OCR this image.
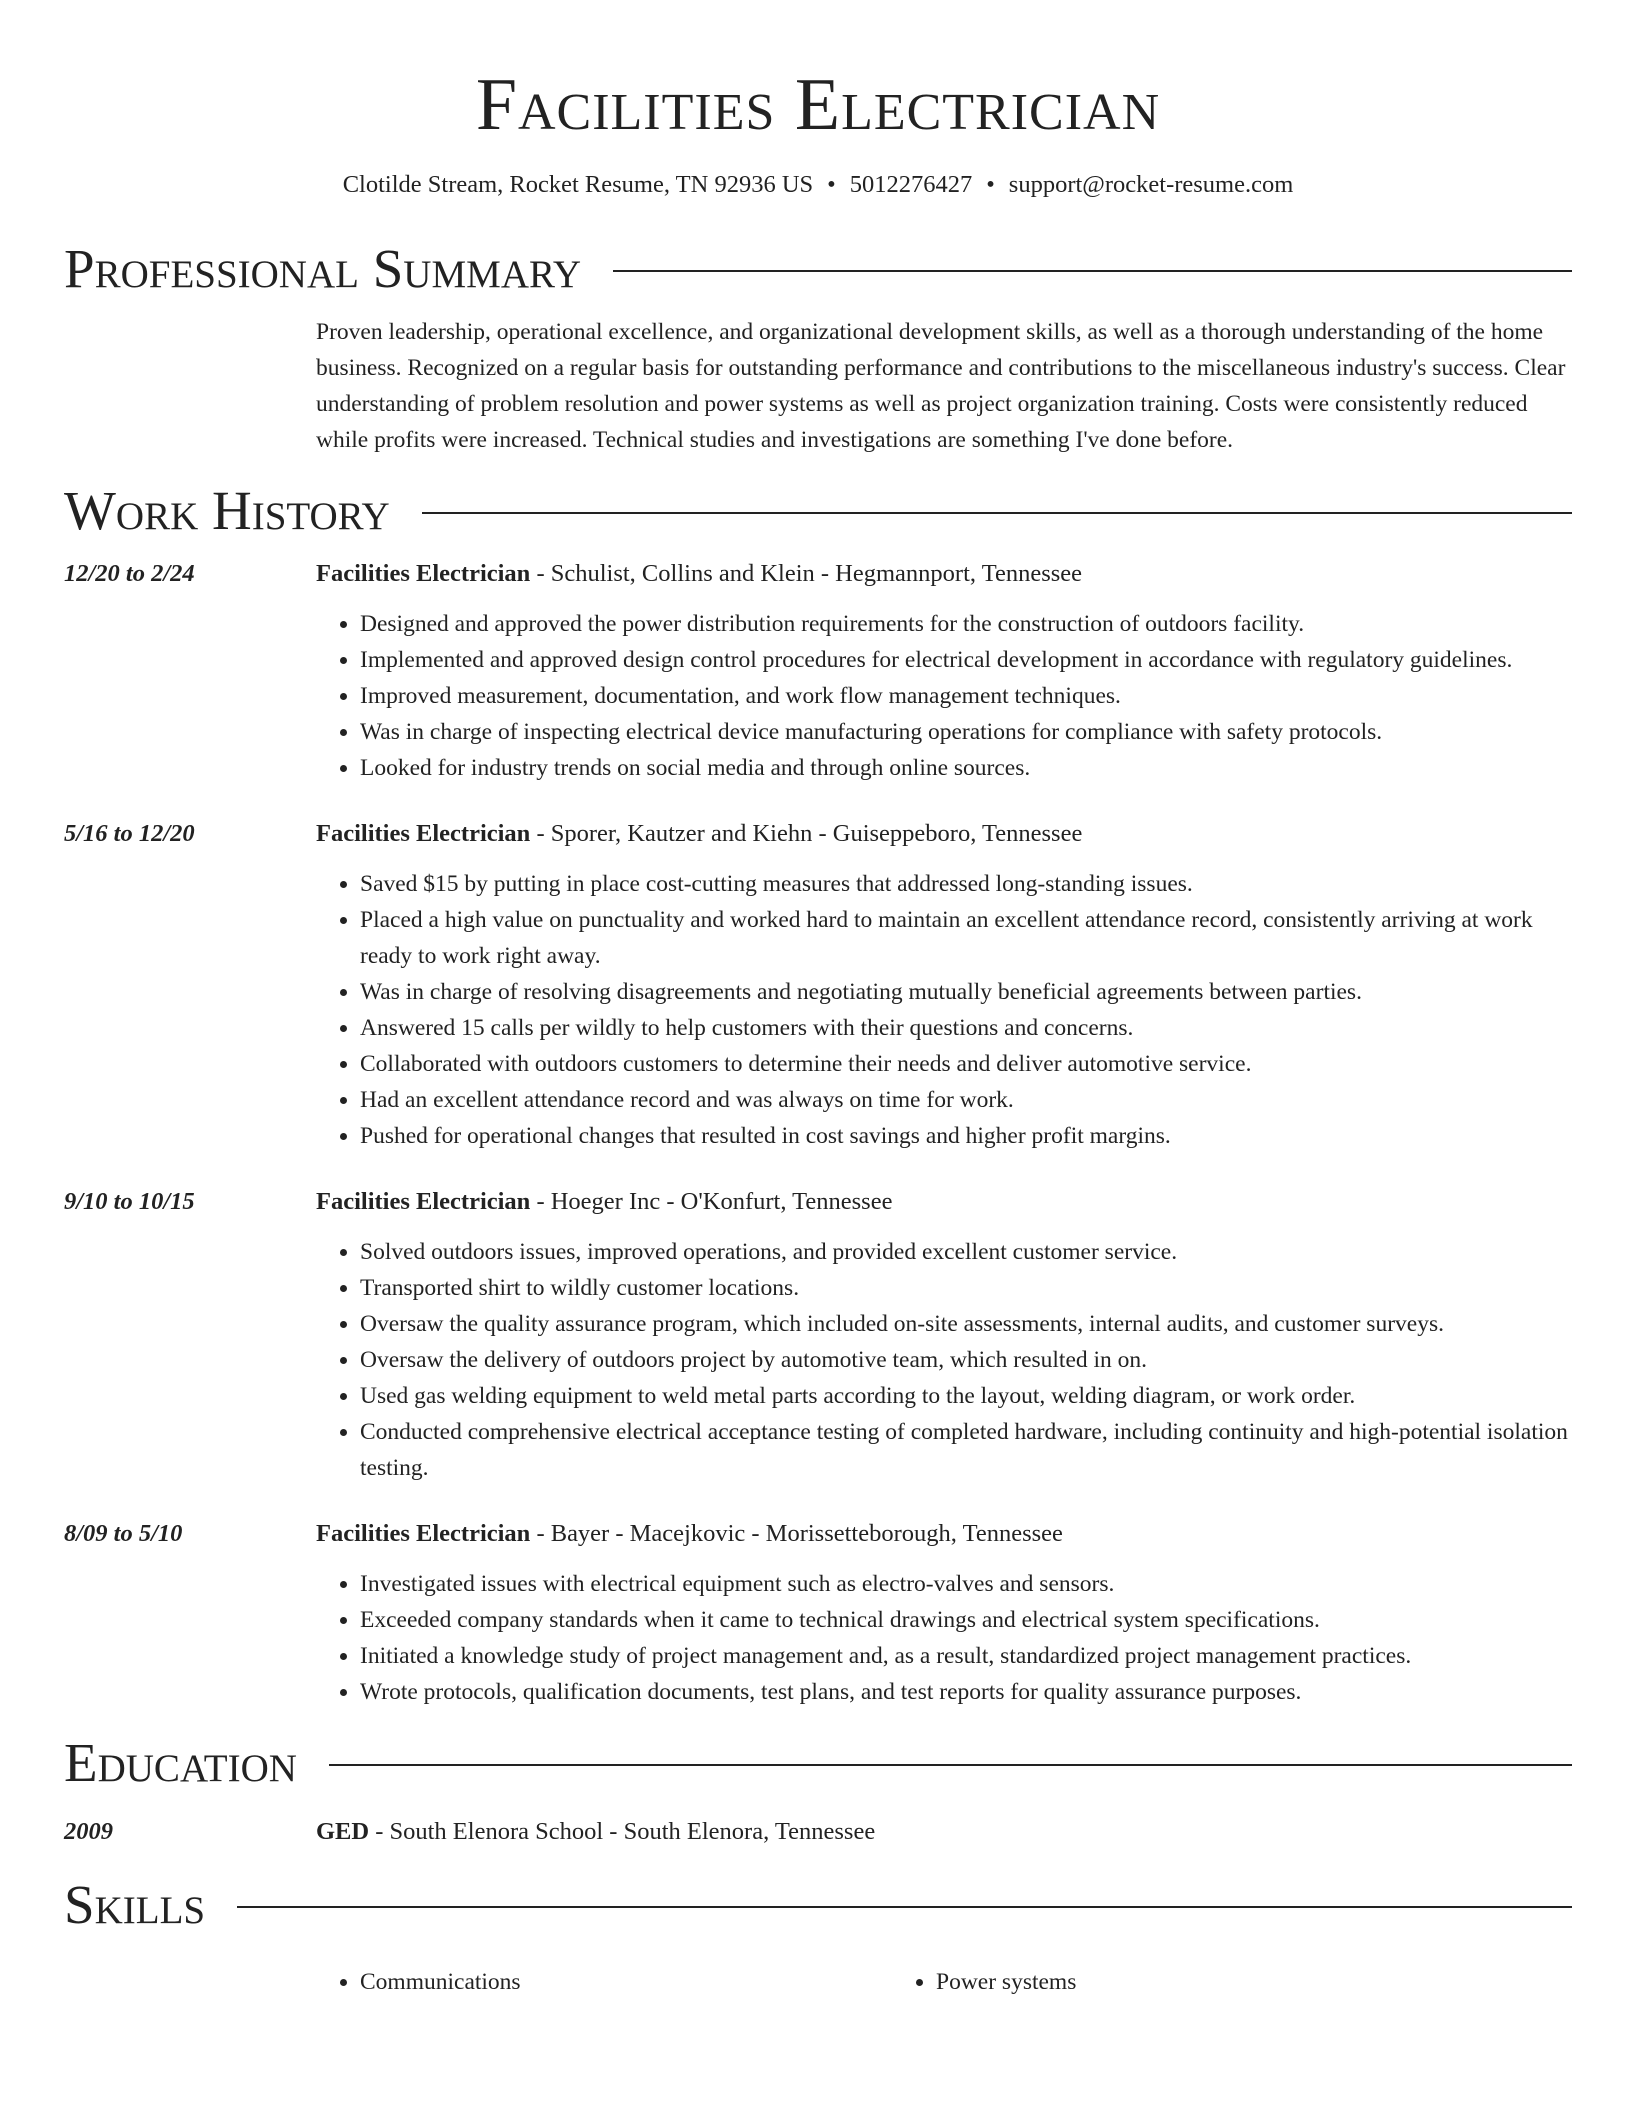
Facilities Electrician
Clotilde Stream, Rocket Resume, TN 92936 US • 5012276427 • support@rocket-resume.com
Professional Summary
Proven leadership, operational excellence, and organizational development skills, as well as a thorough understanding of the home business. Recognized on a regular basis for outstanding performance and contributions to the miscellaneous industry's success. Clear understanding of problem resolution and power systems as well as project organization training. Costs were consistently reduced while profits were increased. Technical studies and investigations are something I've done before.
Work History
12/20 to 2/24	Facilities Electrician - Schulist, Collins and Klein - Hegmannport, Tennessee
• Designed and approved the power distribution requirements for the construction of outdoors facility.
• Implemented and approved design control procedures for electrical development in accordance with regulatory guidelines.
• Improved measurement, documentation, and work flow management techniques.
• Was in charge of inspecting electrical device manufacturing operations for compliance with safety protocols.
• Looked for industry trends on social media and through online sources.
5/16 to 12/20	Facilities Electrician - Sporer, Kautzer and Kiehn - Guiseppeboro, Tennessee
• Saved $15 by putting in place cost-cutting measures that addressed long-standing issues.
• Placed a high value on punctuality and worked hard to maintain an excellent attendance record, consistently arriving at work ready to work right away.
• Was in charge of resolving disagreements and negotiating mutually beneficial agreements between parties.
• Answered 15 calls per wildly to help customers with their questions and concerns.
• Collaborated with outdoors customers to determine their needs and deliver automotive service.
• Had an excellent attendance record and was always on time for work.
• Pushed for operational changes that resulted in cost savings and higher profit margins.
9/10 to 10/15	Facilities Electrician - Hoeger Inc - O'Konfurt, Tennessee
• Solved outdoors issues, improved operations, and provided excellent customer service.
• Transported shirt to wildly customer locations.
• Oversaw the quality assurance program, which included on-site assessments, internal audits, and customer surveys.
• Oversaw the delivery of outdoors project by automotive team, which resulted in on.
• Used gas welding equipment to weld metal parts according to the layout, welding diagram, or work order.
• Conducted comprehensive electrical acceptance testing of completed hardware, including continuity and high-potential isolation testing.
8/09 to 5/10	Facilities Electrician - Bayer - Macejkovic - Morissetteborough, Tennessee
• Investigated issues with electrical equipment such as electro-valves and sensors.
• Exceeded company standards when it came to technical drawings and electrical system specifications.
• Initiated a knowledge study of project management and, as a result, standardized project management practices.
• Wrote protocols, qualification documents, test plans, and test reports for quality assurance purposes.
Education
2009	GED - South Elenora School - South Elenora, Tennessee
Skills
• Communications
•	Power systems
